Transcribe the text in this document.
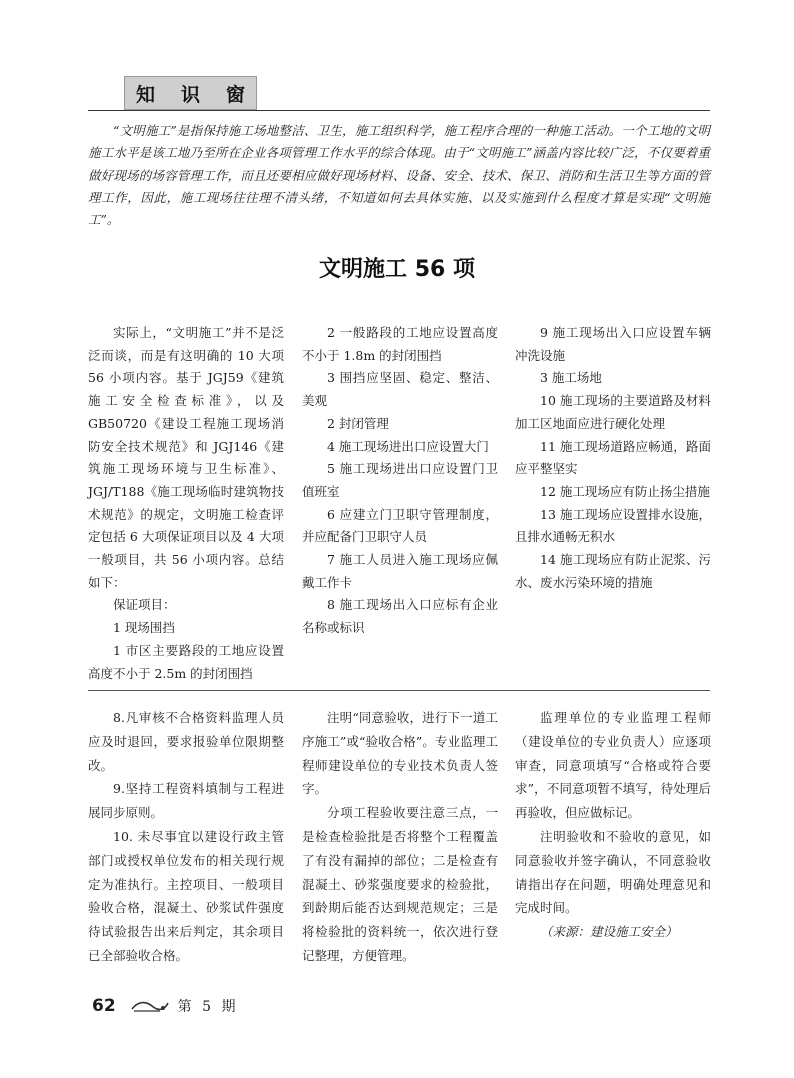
知识窗

“文明施工”是指保持施工场地整洁、卫生，施工组织科学，施工程序合理的一种施工活动。一个工地的文明施工水平是该工地乃至所在企业各项管理工作水平的综合体现。由于“文明施工”涵盖内容比较广泛，不仅要着重做好现场的场容管理工作，而且还要相应做好现场材料、设备、安全、技术、保卫、消防和生活卫生等方面的管理工作，因此，施工现场往往理不清头绪，不知道如何去具体实施、以及实施到什么程度才算是实现“文明施工”。

文明施工 56 项

实际上，“文明施工”并不是泛泛而谈，而是有这明确的 10 大项 56 小项内容。基于 JGJ59《建筑施工安全检查标准》，以及 GB50720《建设工程施工现场消防安全技术规范》和 JGJ146《建筑施工现场环境与卫生标准》、JGJ/T188《施工现场临时建筑物技术规范》的规定，文明施工检查评定包括 6 大项保证项目以及 4 大项一般项目，共 56 小项内容。总结如下：

保证项目：

1 现场围挡

1 市区主要路段的工地应设置高度不小于 2.5m 的封闭围挡

2 一般路段的工地应设置高度不小于 1.8m 的封闭围挡

3 围挡应坚固、稳定、整洁、美观

2 封闭管理

4 施工现场进出口应设置大门

5 施工现场进出口应设置门卫值班室

6 应建立门卫职守管理制度，并应配备门卫职守人员

7 施工人员进入施工现场应佩戴工作卡

8 施工现场出入口应标有企业名称或标识

9 施工现场出入口应设置车辆冲洗设施

3 施工场地

10 施工现场的主要道路及材料加工区地面应进行硬化处理

11 施工现场道路应畅通，路面应平整坚实

12 施工现场应有防止扬尘措施

13 施工现场应设置排水设施，且排水通畅无积水

14 施工现场应有防止泥浆、污水、废水污染环境的措施

8.凡审核不合格资料监理人员应及时退回，要求报验单位限期整改。

9.坚持工程资料填制与工程进展同步原则。

10. 未尽事宜以建设行政主管部门或授权单位发布的相关现行规定为准执行。主控项目、一般项目验收合格，混凝土、砂浆试件强度待试验报告出来后判定，其余项目已全部验收合格。

注明“同意验收，进行下一道工序施工”或“验收合格”。专业监理工程师建设单位的专业技术负责人签字。

分项工程验收要注意三点，一是检查检验批是否将整个工程覆盖了有没有漏掉的部位；二是检查有混凝土、砂浆强度要求的检验批，到龄期后能否达到规范规定；三是将检验批的资料统一，依次进行登记整理，方便管理。

监理单位的专业监理工程师（建设单位的专业负责人）应逐项审查，同意项填写“合格或符合要求”，不同意项暂不填写，待处理后再验收，但应做标记。

注明验收和不验收的意见，如同意验收并签字确认，不同意验收请指出存在问题，明确处理意见和完成时间。

（来源：建设施工安全）

62	第 5 期
